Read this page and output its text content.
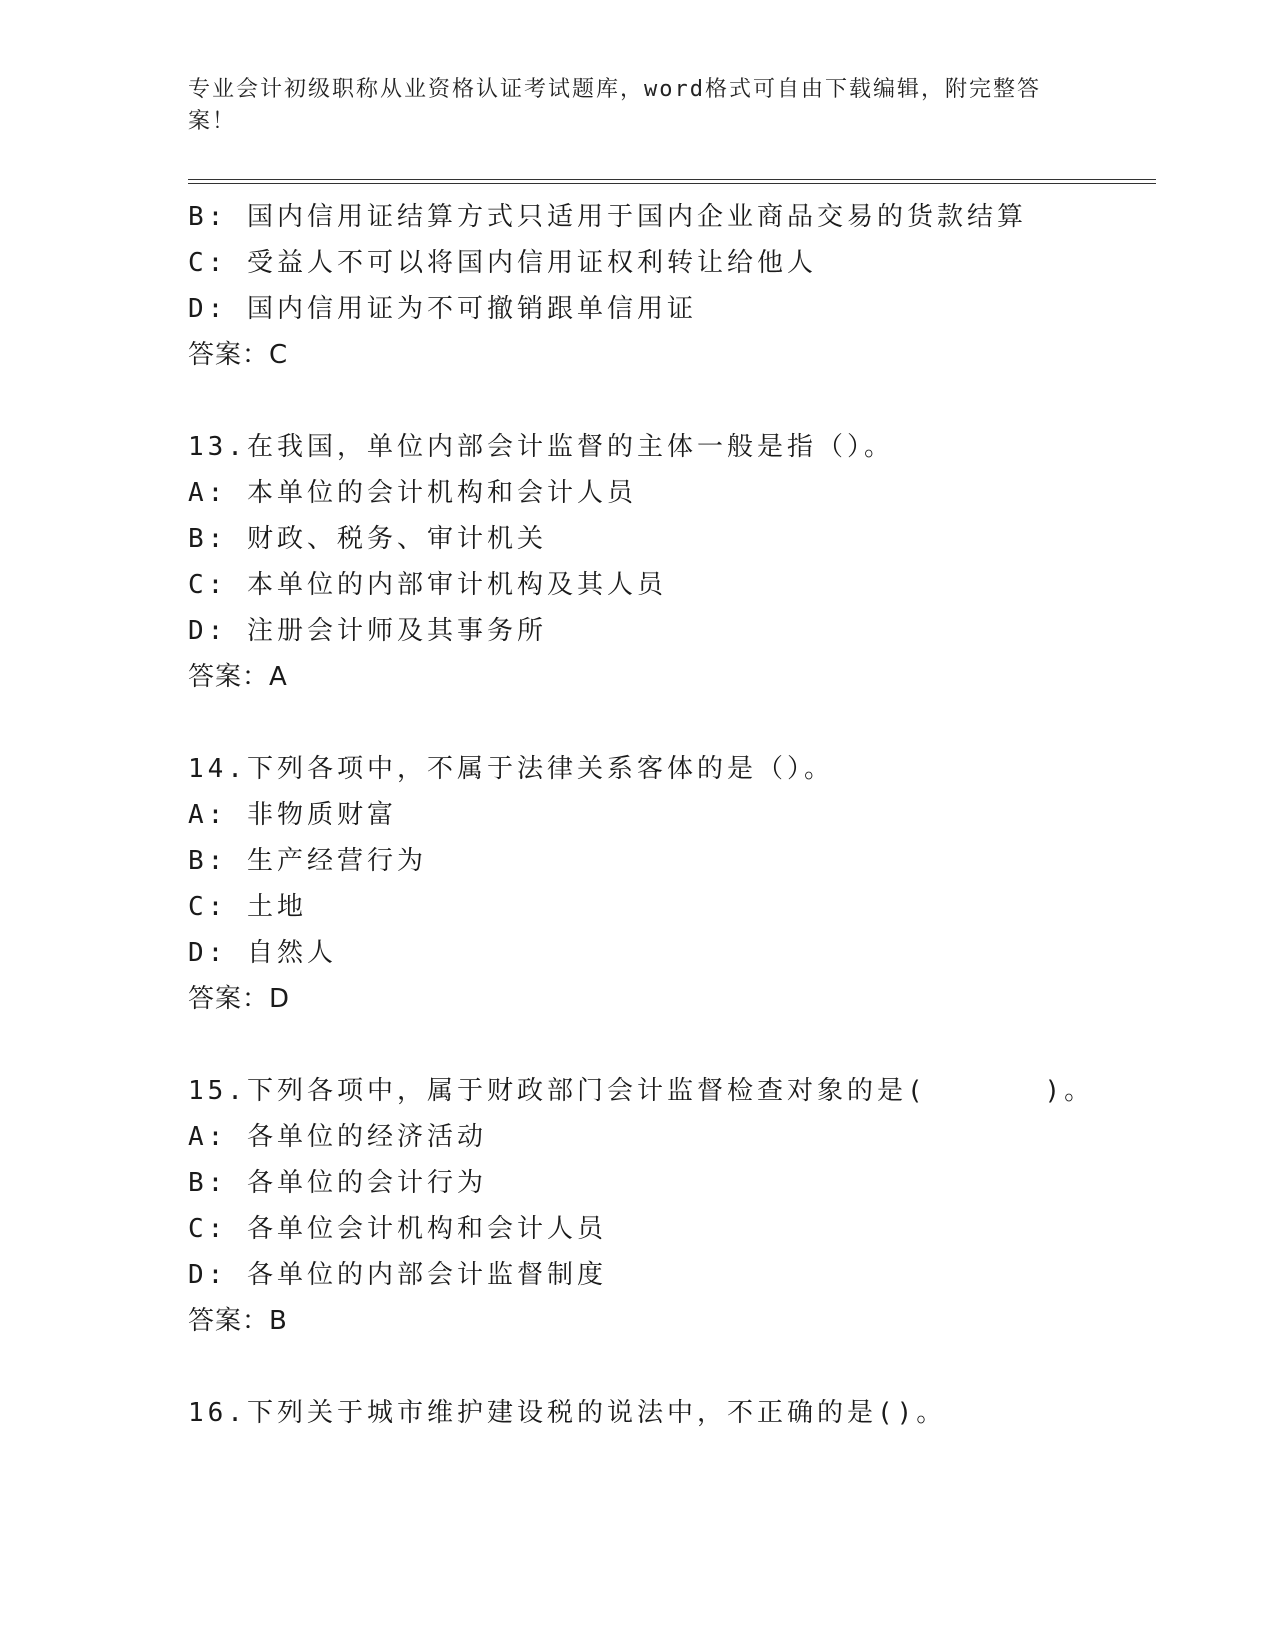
专业会计初级职称从业资格认证考试题库，word格式可自由下载编辑，附完整答案！
B: 国内信用证结算方式只适用于国内企业商品交易的货款结算
C: 受益人不可以将国内信用证权利转让给他人
D: 国内信用证为不可撤销跟单信用证
答案：C
13.在我国，单位内部会计监督的主体一般是指（）。
A: 本单位的会计机构和会计人员
B: 财政、税务、审计机关
C: 本单位的内部审计机构及其人员
D: 注册会计师及其事务所
答案：A
14.下列各项中，不属于法律关系客体的是（）。
A: 非物质财富
B: 生产经营行为
C: 土地
D: 自然人
答案：D
15.下列各项中，属于财政部门会计监督检查对象的是(      )。
A: 各单位的经济活动
B: 各单位的会计行为
C: 各单位会计机构和会计人员
D: 各单位的内部会计监督制度
答案：B
16.下列关于城市维护建设税的说法中，不正确的是()。
